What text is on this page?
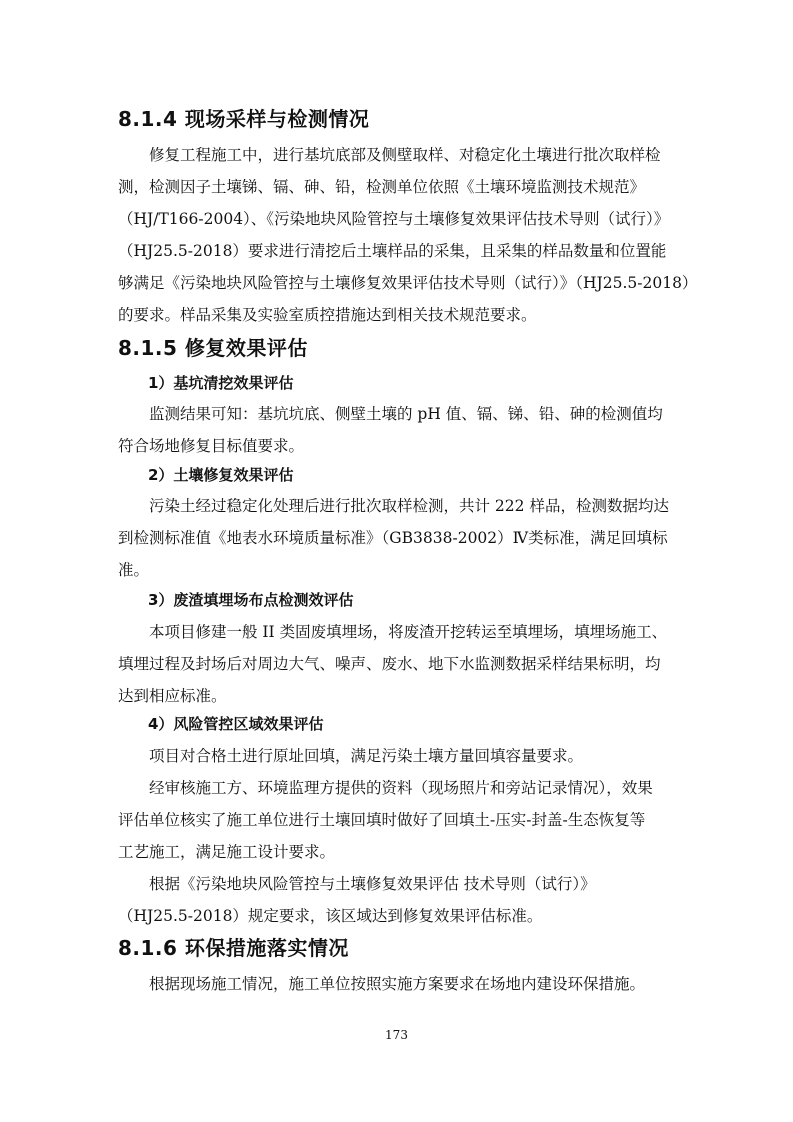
8.1.4 现场采样与检测情况
修复工程施工中，进行基坑底部及侧壁取样、对稳定化土壤进行批次取样检
测，检测因子土壤锑、镉、砷、铅，检测单位依照《土壤环境监测技术规范》
（HJ/T166-2004）、《污染地块风险管控与土壤修复效果评估技术导则（试行）》
（HJ25.5-2018）要求进行清挖后土壤样品的采集，且采集的样品数量和位置能
够满足《污染地块风险管控与土壤修复效果评估技术导则（试行）》（HJ25.5-2018）
的要求。样品采集及实验室质控措施达到相关技术规范要求。
8.1.5 修复效果评估
1）基坑清挖效果评估
监测结果可知：基坑坑底、侧壁土壤的 pH 值、镉、锑、铅、砷的检测值均
符合场地修复目标值要求。
2）土壤修复效果评估
污染土经过稳定化处理后进行批次取样检测，共计 222 样品，检测数据均达
到检测标准值《地表水环境质量标准》（GB3838-2002）Ⅳ类标准，满足回填标
准。
3）废渣填埋场布点检测效评估
本项目修建一般 II 类固废填埋场，将废渣开挖转运至填埋场，填埋场施工、
填埋过程及封场后对周边大气、噪声、废水、地下水监测数据采样结果标明，均
达到相应标准。
4）风险管控区域效果评估
项目对合格土进行原址回填，满足污染土壤方量回填容量要求。
经审核施工方、环境监理方提供的资料（现场照片和旁站记录情况），效果
评估单位核实了施工单位进行土壤回填时做好了回填土-压实-封盖-生态恢复等
工艺施工，满足施工设计要求。
根据《污染地块风险管控与土壤修复效果评估 技术导则（试行）》
（HJ25.5-2018）规定要求，该区域达到修复效果评估标准。
8.1.6 环保措施落实情况
根据现场施工情况，施工单位按照实施方案要求在场地内建设环保措施。
173
